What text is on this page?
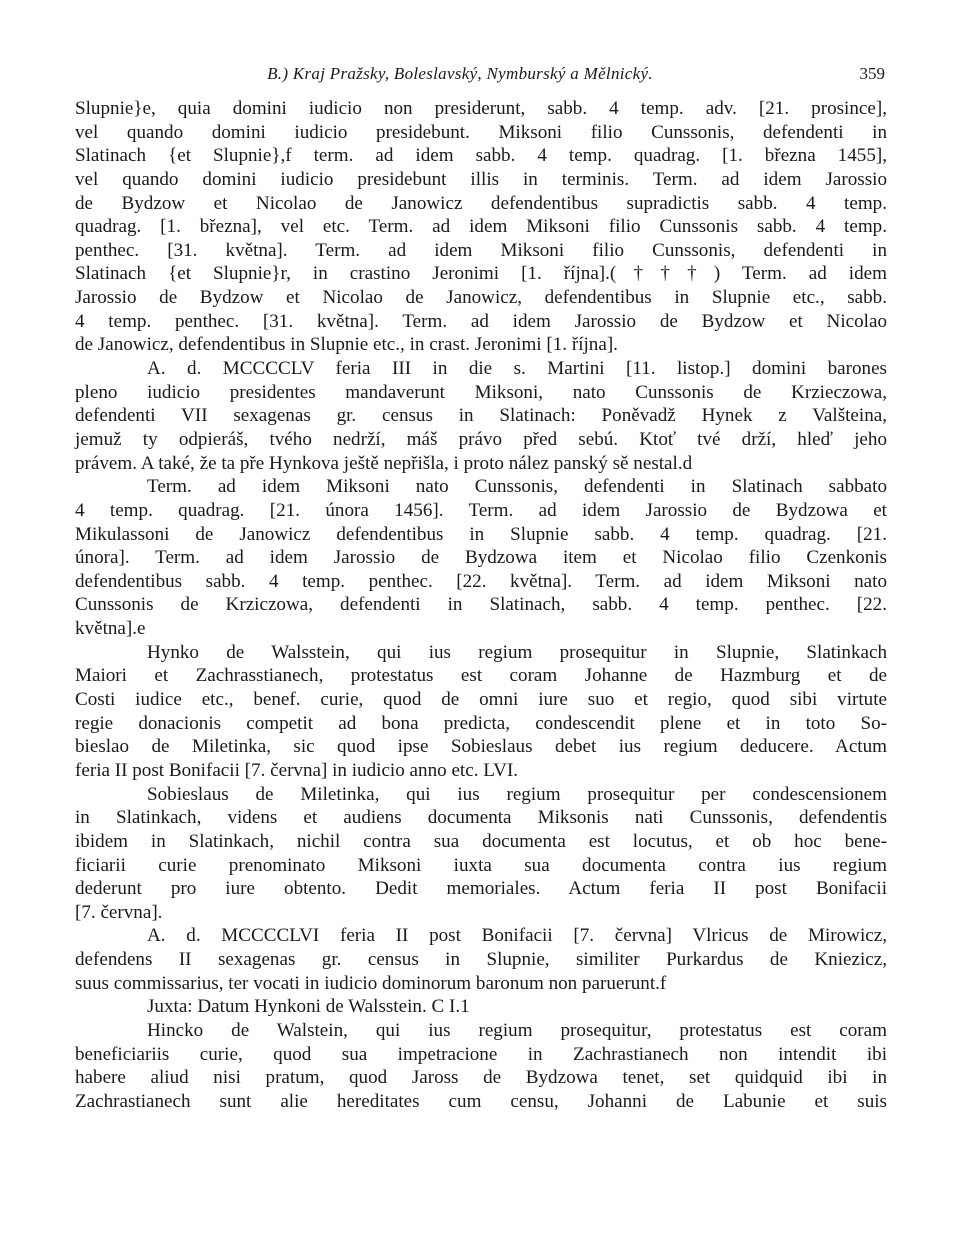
B.) Kraj Pražsky, Boleslavský, Nymburský a Mělnický.	359
Slupnie}e, quia domini iudicio non presiderunt, sabb. 4 temp. adv. [21. prosince],
vel quando domini iudicio presidebunt. Miksoni filio Cunssonis, defendenti in
Slatinach {et Slupnie},f term. ad idem sabb. 4 temp. quadrag. [1. března 1455],
vel quando domini iudicio presidebunt illis in terminis. Term. ad idem Jarossio
de Bydzow et Nicolao de Janowicz defendentibus supradictis sabb. 4 temp.
quadrag. [1. března], vel etc. Term. ad idem Miksoni filio Cunssonis sabb. 4 temp.
penthec. [31. května]. Term. ad idem Miksoni filio Cunssonis, defendenti in
Slatinach {et Slupnie}r, in crastino Jeronimi [1. října].(†††) Term. ad idem
Jarossio de Bydzow et Nicolao de Janowicz, defendentibus in Slupnie etc., sabb.
4 temp. penthec. [31. května]. Term. ad idem Jarossio de Bydzow et Nicolao
de Janowicz, defendentibus in Slupnie etc., in crast. Jeronimi [1. října].
A. d. MCCCCLV feria III in die s. Martini [11. listop.] domini barones
pleno iudicio presidentes mandaverunt Miksoni, nato Cunssonis de Krzieczowa,
defendenti VII sexagenas gr. census in Slatinach: Poněvadž Hynek z Valšteina,
jemuž ty odpieráš, tvého nedrží, máš právo před sebú. Ktoť tvé drží, hleď jeho
právem. A také, že ta pře Hynkova ještě nepřišla, i proto nález panský sě nestal.d
Term. ad idem Miksoni nato Cunssonis, defendenti in Slatinach sabbato
4 temp. quadrag. [21. února 1456]. Term. ad idem Jarossio de Bydzowa et
Mikulassoni de Janowicz defendentibus in Slupnie sabb. 4 temp. quadrag. [21.
února]. Term. ad idem Jarossio de Bydzowa item et Nicolao filio Czenkonis
defendentibus sabb. 4 temp. penthec. [22. května]. Term. ad idem Miksoni nato
Cunssonis de Krziczowa, defendenti in Slatinach, sabb. 4 temp. penthec. [22.
května].e
Hynko de Walsstein, qui ius regium prosequitur in Slupnie, Slatinkach
Maiori et Zachrasstianech, protestatus est coram Johanne de Hazmburg et de
Costi iudice etc., benef. curie, quod de omni iure suo et regio, quod sibi virtute
regie donacionis competit ad bona predicta, condescendit plene et in toto So-
bieslao de Miletinka, sic quod ipse Sobieslaus debet ius regium deducere. Actum
feria II post Bonifacii [7. června] in iudicio anno etc. LVI.
Sobieslaus de Miletinka, qui ius regium prosequitur per condescensionem
in Slatinkach, videns et audiens documenta Miksonis nati Cunssonis, defendentis
ibidem in Slatinkach, nichil contra sua documenta est locutus, et ob hoc bene-
ficiarii curie prenominato Miksoni iuxta sua documenta contra ius regium
dederunt pro iure obtento. Dedit memoriales. Actum feria II post Bonifacii
[7. června].
A. d. MCCCCLVI feria II post Bonifacii [7. června] Vlricus de Mirowicz,
defendens II sexagenas gr. census in Slupnie, similiter Purkardus de Kniezicz,
suus commissarius, ter vocati in iudicio dominorum baronum non paruerunt.f
Juxta: Datum Hynkoni de Walsstein. C I.1
Hincko de Walstein, qui ius regium prosequitur, protestatus est coram
beneficiariis curie, quod sua impetracione in Zachrastianech non intendit ibi
habere aliud nisi pratum, quod Jaross de Bydzowa tenet, set quidquid ibi in
Zachrastianech sunt alie hereditates cum censu, Johanni de Labunie et suis
